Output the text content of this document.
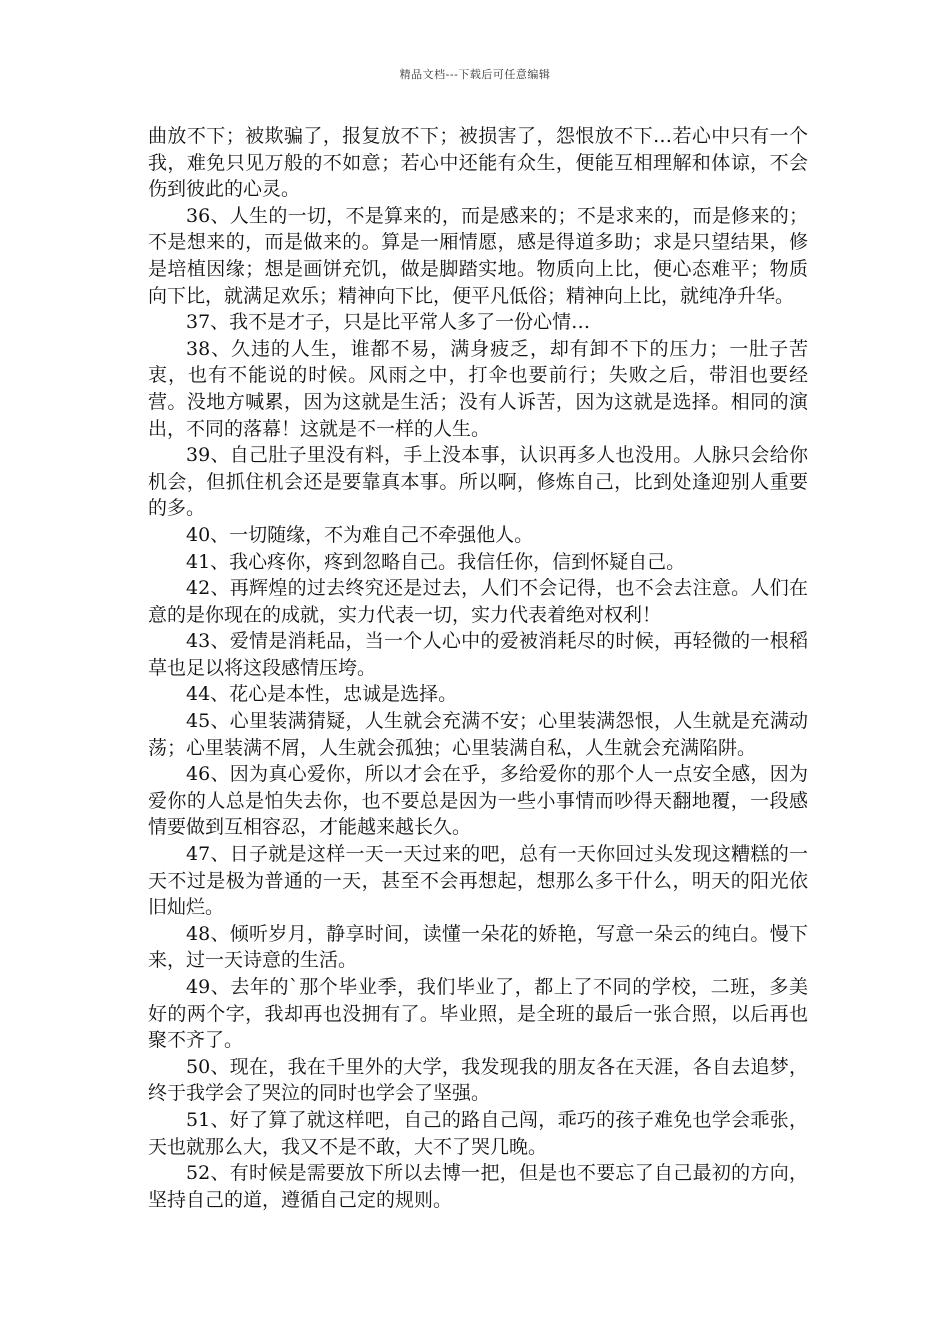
精品文档---下载后可任意编辑

曲放不下；被欺骗了，报复放不下；被损害了，怨恨放不下…若心中只有一个我，难免只见万般的不如意；若心中还能有众生，便能互相理解和体谅，不会伤到彼此的心灵。

36、人生的一切，不是算来的，而是感来的；不是求来的，而是修来的；不是想来的，而是做来的。算是一厢情愿，感是得道多助；求是只望结果，修是培植因缘；想是画饼充饥，做是脚踏实地。物质向上比，便心态难平；物质向下比，就满足欢乐；精神向下比，便平凡低俗；精神向上比，就纯净升华。

37、我不是才子，只是比平常人多了一份心情…

38、久违的人生，谁都不易，满身疲乏，却有卸不下的压力；一肚子苦衷，也有不能说的时候。风雨之中，打伞也要前行；失败之后，带泪也要经营。没地方喊累，因为这就是生活；没有人诉苦，因为这就是选择。相同的演出，不同的落幕！这就是不一样的人生。

39、自己肚子里没有料，手上没本事，认识再多人也没用。人脉只会给你机会，但抓住机会还是要靠真本事。所以啊，修炼自己，比到处逢迎别人重要的多。

40、一切随缘，不为难自己不牵强他人。

41、我心疼你，疼到忽略自己。我信任你，信到怀疑自己。

42、再辉煌的过去终究还是过去，人们不会记得，也不会去注意。人们在意的是你现在的成就，实力代表一切，实力代表着绝对权利！

43、爱情是消耗品，当一个人心中的爱被消耗尽的时候，再轻微的一根稻草也足以将这段感情压垮。

44、花心是本性，忠诚是选择。

45、心里装满猜疑，人生就会充满不安；心里装满怨恨，人生就是充满动荡；心里装满不屑，人生就会孤独；心里装满自私，人生就会充满陷阱。

46、因为真心爱你，所以才会在乎，多给爱你的那个人一点安全感，因为爱你的人总是怕失去你，也不要总是因为一些小事情而吵得天翻地覆，一段感情要做到互相容忍，才能越来越长久。

47、日子就是这样一天一天过来的吧，总有一天你回过头发现这糟糕的一天不过是极为普通的一天，甚至不会再想起，想那么多干什么，明天的阳光依旧灿烂。

48、倾听岁月，静享时间，读懂一朵花的娇艳，写意一朵云的纯白。慢下来，过一天诗意的生活。

49、去年的`那个毕业季，我们毕业了，都上了不同的学校，二班，多美好的两个字，我却再也没拥有了。毕业照，是全班的最后一张合照，以后再也聚不齐了。

50、现在，我在千里外的大学，我发现我的朋友各在天涯，各自去追梦，终于我学会了哭泣的同时也学会了坚强。

51、好了算了就这样吧，自己的路自己闯，乖巧的孩子难免也学会乖张，天也就那么大，我又不是不敢，大不了哭几晚。

52、有时候是需要放下所以去博一把，但是也不要忘了自己最初的方向，坚持自己的道，遵循自己定的规则。
